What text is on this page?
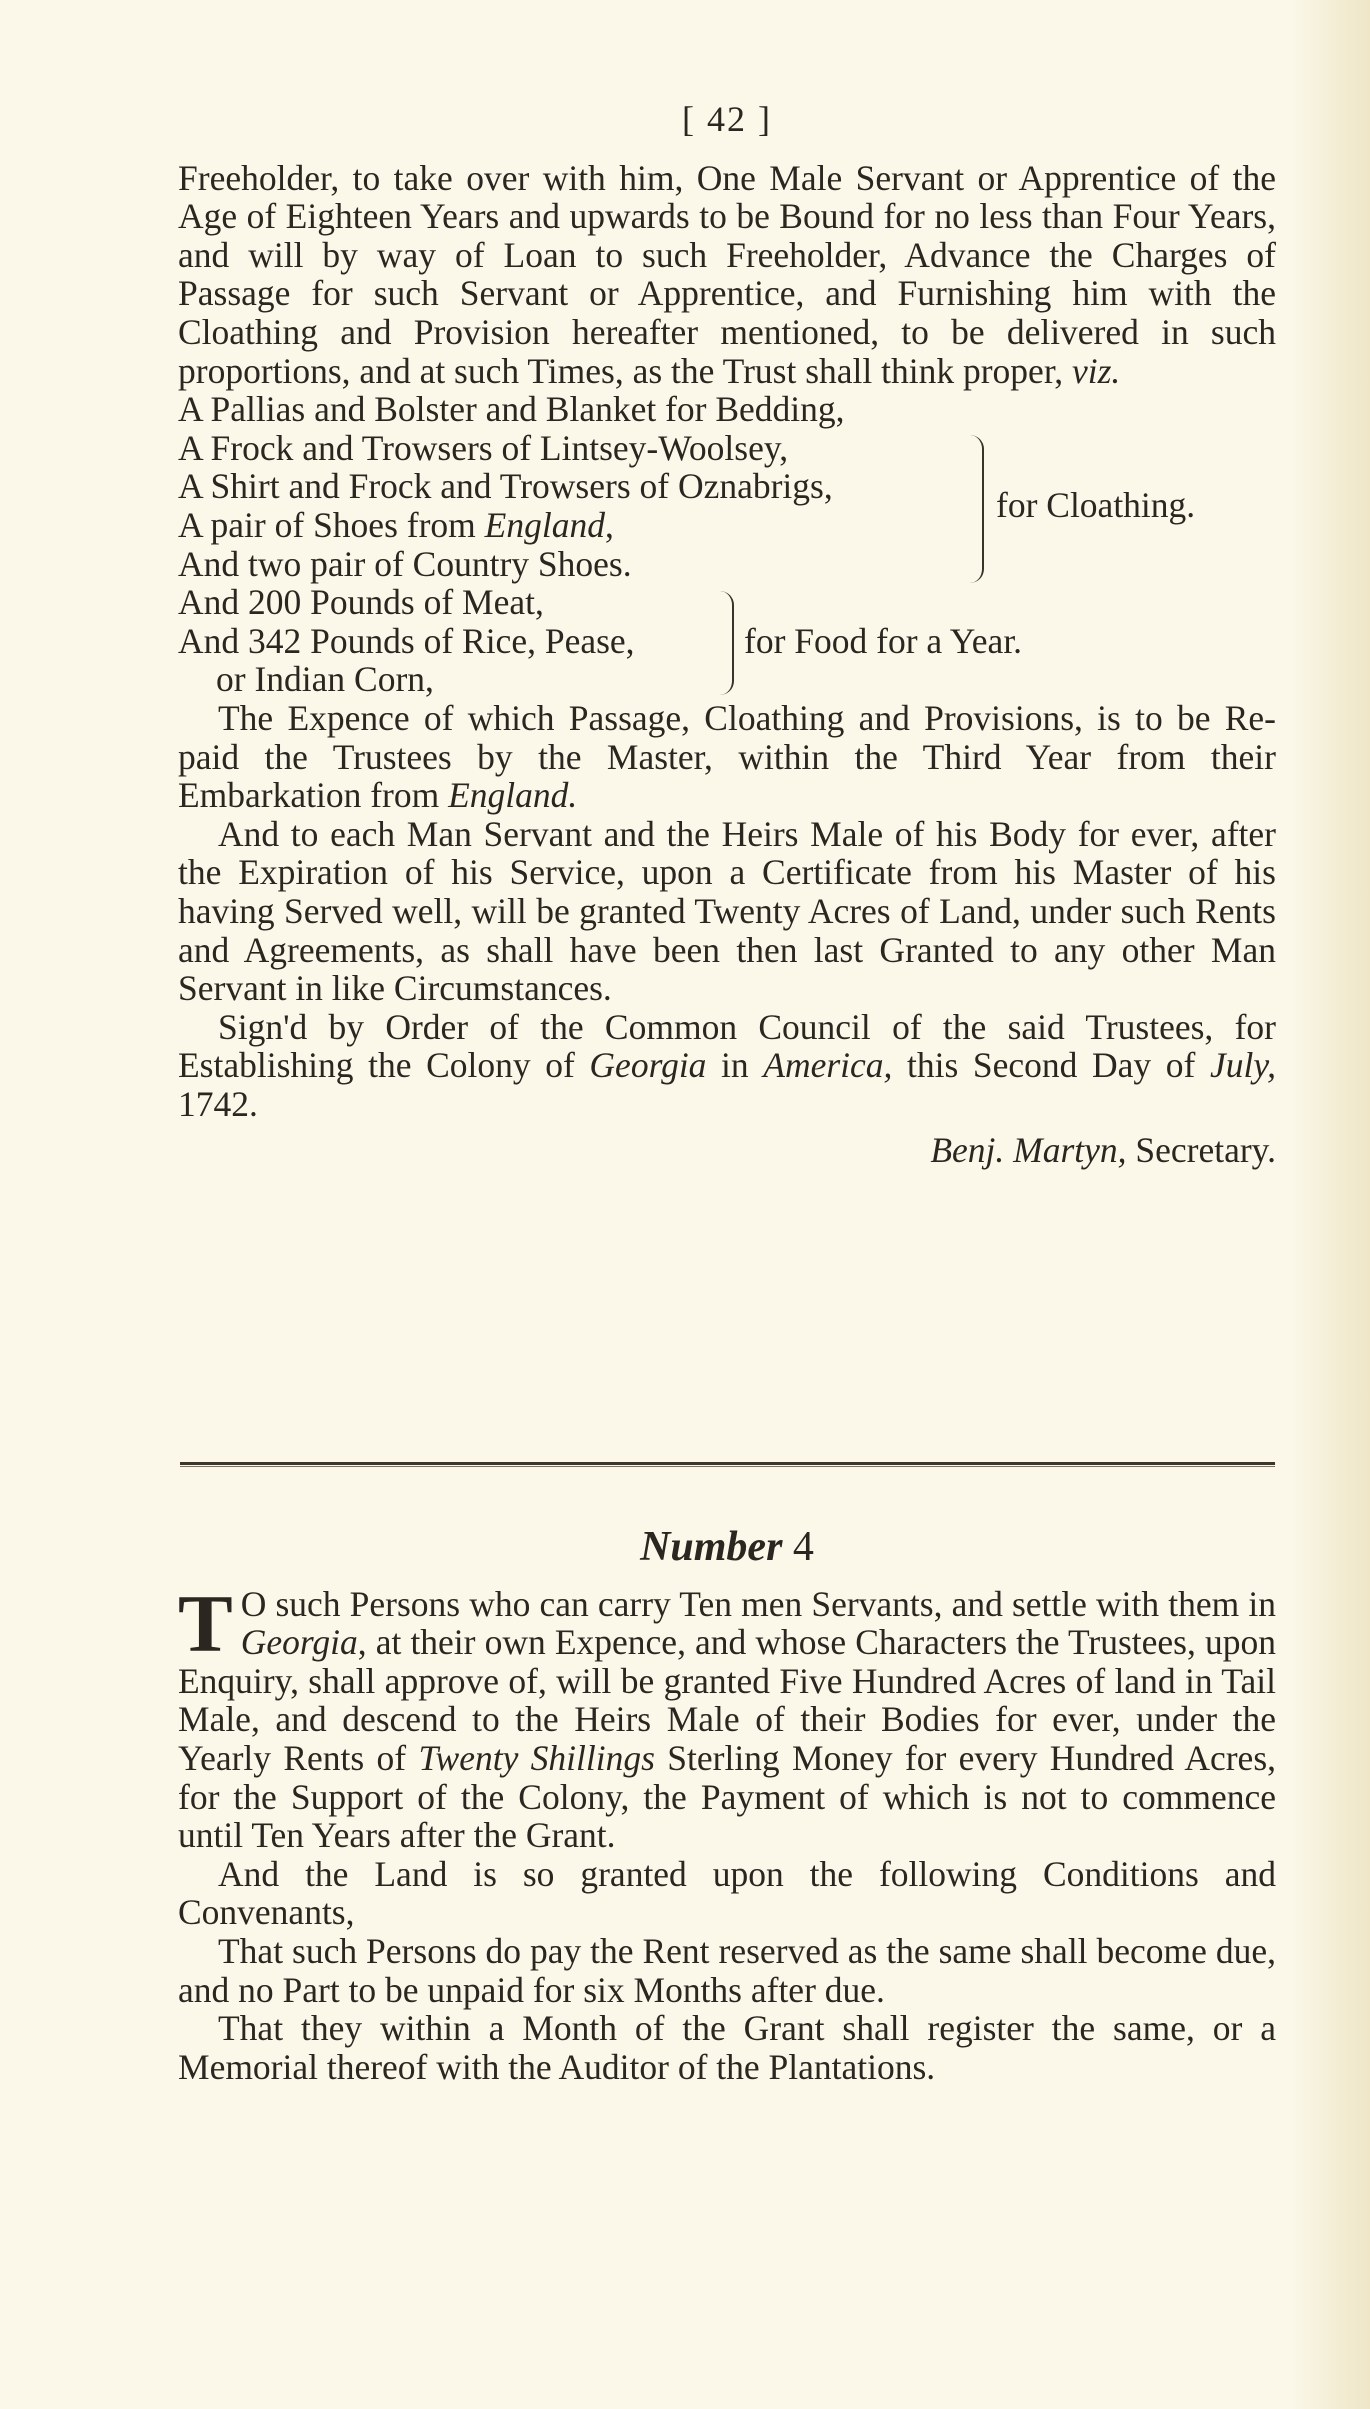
[ 42 ]

Freeholder, to take over with him, One Male Servant or Apprentice of the Age of Eighteen Years and upwards to be Bound for no less than Four Years, and will by way of Loan to such Freeholder, Advance the Charges of Passage for such Servant or Apprentice, and Furnishing him with the Cloathing and Provision hereafter mentioned, to be delivered in such proportions, and at such Times, as the Trust shall think proper, viz.

A Pallias and Bolster and Blanket for Bedding,
A Frock and Trowsers of Lintsey-Woolsey,
A Shirt and Frock and Trowsers of Oznabrigs,
A pair of Shoes from England,
And two pair of Country Shoes.
for Cloathing.
And 200 Pounds of Meat,
And 342 Pounds of Rice, Pease,
or Indian Corn,
for Food for a Year.

The Expence of which Passage, Cloathing and Provisions, is to be Re-paid the Trustees by the Master, within the Third Year from their Embarkation from England.

And to each Man Servant and the Heirs Male of his Body for ever, after the Expiration of his Service, upon a Certificate from his Master of his having Served well, will be granted Twenty Acres of Land, under such Rents and Agreements, as shall have been then last Granted to any other Man Servant in like Circumstances.

Sign'd by Order of the Common Council of the said Trustees, for Establishing the Colony of Georgia in America, this Second Day of July, 1742.

Benj. Martyn, Secretary.
Number 4

T O such Persons who can carry Ten men Servants, and settle with them in Georgia, at their own Expence, and whose Characters the Trustees, upon Enquiry, shall approve of, will be granted Five Hundred Acres of land in Tail Male, and descend to the Heirs Male of their Bodies for ever, under the Yearly Rents of Twenty Shillings Sterling Money for every Hundred Acres, for the Support of the Colony, the Payment of which is not to commence until Ten Years after the Grant.

And the Land is so granted upon the following Conditions and Convenants,

That such Persons do pay the Rent reserved as the same shall become due, and no Part to be unpaid for six Months after due.

That they within a Month of the Grant shall register the same, or a Memorial thereof with the Auditor of the Plantations.
